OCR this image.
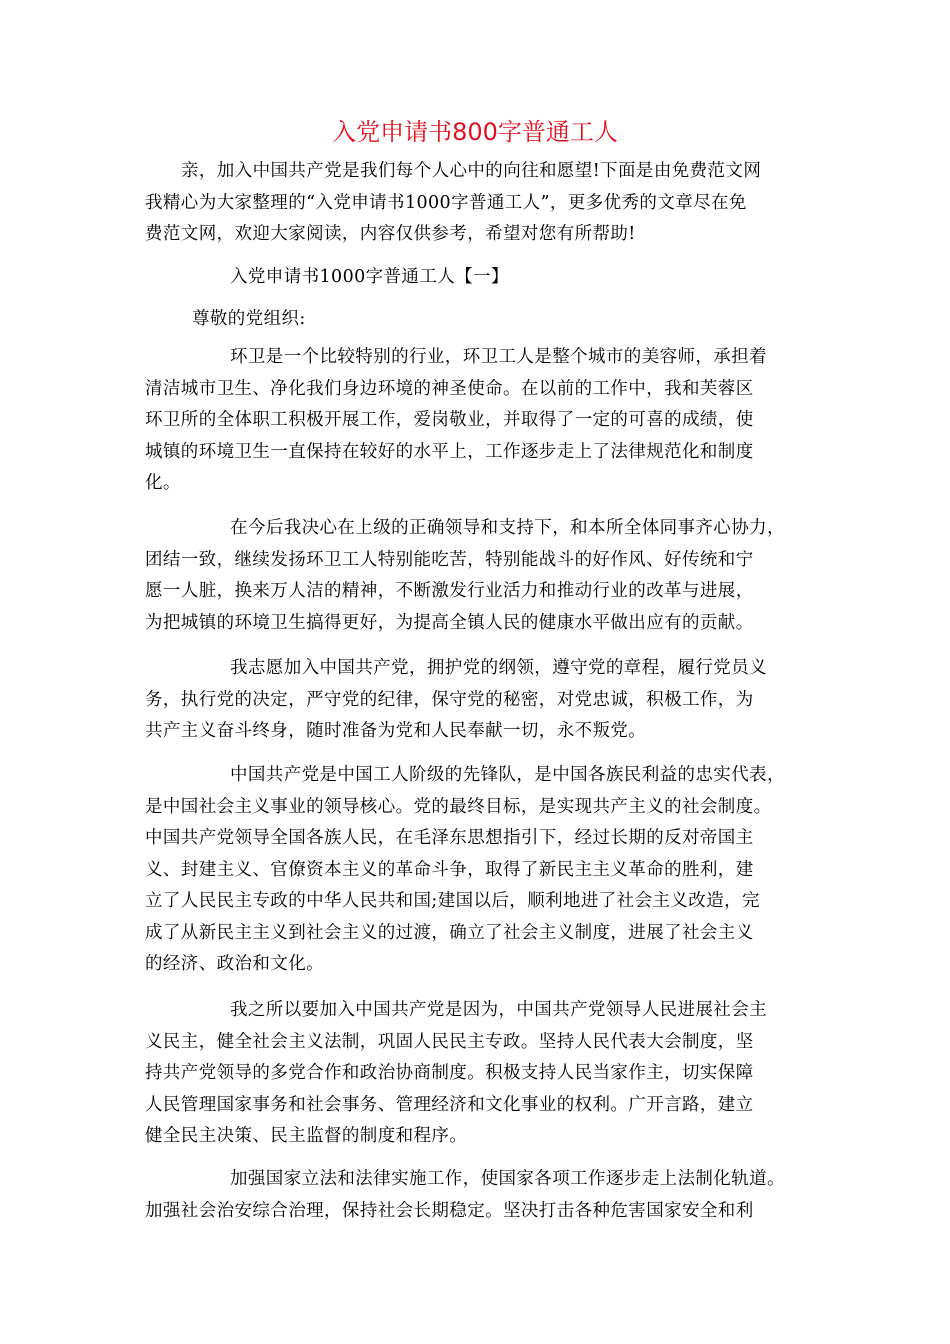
入党申请书800字普通工人
亲，加入中国共产党是我们每个人心中的向往和愿望!下面是由免费范文网
我精心为大家整理的“入党申请书1000字普通工人”，更多优秀的文章尽在免
费范文网，欢迎大家阅读，内容仅供参考，希望对您有所帮助!
入党申请书1000字普通工人【一】
尊敬的党组织:
环卫是一个比较特别的行业，环卫工人是整个城市的美容师，承担着
清洁城市卫生、净化我们身边环境的神圣使命。在以前的工作中，我和芙蓉区
环卫所的全体职工积极开展工作，爱岗敬业，并取得了一定的可喜的成绩，使
城镇的环境卫生一直保持在较好的水平上，工作逐步走上了法律规范化和制度
化。
在今后我决心在上级的正确领导和支持下，和本所全体同事齐心协力，
团结一致，继续发扬环卫工人特别能吃苦，特别能战斗的好作风、好传统和宁
愿一人脏，换来万人洁的精神，不断激发行业活力和推动行业的改革与进展，
为把城镇的环境卫生搞得更好，为提高全镇人民的健康水平做出应有的贡献。
我志愿加入中国共产党，拥护党的纲领，遵守党的章程，履行党员义
务，执行党的决定，严守党的纪律，保守党的秘密，对党忠诚，积极工作，为
共产主义奋斗终身，随时准备为党和人民奉献一切，永不叛党。
中国共产党是中国工人阶级的先锋队，是中国各族民利益的忠实代表，
是中国社会主义事业的领导核心。党的最终目标，是实现共产主义的社会制度。
中国共产党领导全国各族人民，在毛泽东思想指引下，经过长期的反对帝国主
义、封建主义、官僚资本主义的革命斗争，取得了新民主主义革命的胜利，建
立了人民民主专政的中华人民共和国;建国以后，顺利地进了社会主义改造，完
成了从新民主主义到社会主义的过渡，确立了社会主义制度，进展了社会主义
的经济、政治和文化。
我之所以要加入中国共产党是因为，中国共产党领导人民进展社会主
义民主，健全社会主义法制，巩固人民民主专政。坚持人民代表大会制度，坚
持共产党领导的多党合作和政治协商制度。积极支持人民当家作主，切实保障
人民管理国家事务和社会事务、管理经济和文化事业的权利。广开言路，建立
健全民主决策、民主监督的制度和程序。
加强国家立法和法律实施工作，使国家各项工作逐步走上法制化轨道。
加强社会治安综合治理，保持社会长期稳定。坚决打击各种危害国家安全和利
